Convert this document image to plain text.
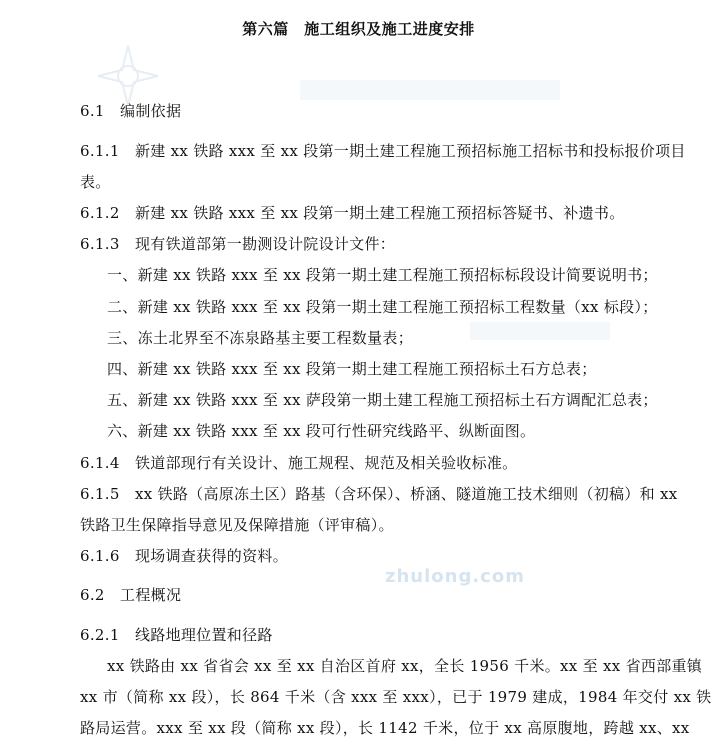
zhulong.com
第六篇　施工组织及施工进度安排
6.1　编制依据
6.1.1　新建 xx 铁路 xxx 至 xx 段第一期土建工程施工预招标施工招标书和投标报价项目
表。
6.1.2　新建 xx 铁路 xxx 至 xx 段第一期土建工程施工预招标答疑书、补遗书。
6.1.3　现有铁道部第一勘测设计院设计文件：
一、新建 xx 铁路 xxx 至 xx 段第一期土建工程施工预招标标段设计简要说明书；
二、新建 xx 铁路 xxx 至 xx 段第一期土建工程施工预招标工程数量（xx 标段）；
三、冻土北界至不冻泉路基主要工程数量表；
四、新建 xx 铁路 xxx 至 xx 段第一期土建工程施工预招标土石方总表；
五、新建 xx 铁路 xxx 至 xx 萨段第一期土建工程施工预招标土石方调配汇总表；
六、新建 xx 铁路 xxx 至 xx 段可行性研究线路平、纵断面图。
6.1.4　铁道部现行有关设计、施工规程、规范及相关验收标准。
6.1.5　xx 铁路（高原冻土区）路基（含环保）、桥涵、隧道施工技术细则（初稿）和 xx
铁路卫生保障指导意见及保障措施（评审稿）。
6.1.6　现场调查获得的资料。
6.2　工程概况
6.2.1　线路地理位置和径路
xx 铁路由 xx 省省会 xx 至 xx 自治区首府 xx，全长 1956 千米。xx 至 xx 省西部重镇
xx 市（简称 xx 段），长 864 千米（含 xxx 至 xxx），已于 1979 建成，1984 年交付 xx 铁
路局运营。xxx 至 xx 段（简称 xx 段），长 1142 千米，位于 xx 高原腹地，跨越 xx、xx
